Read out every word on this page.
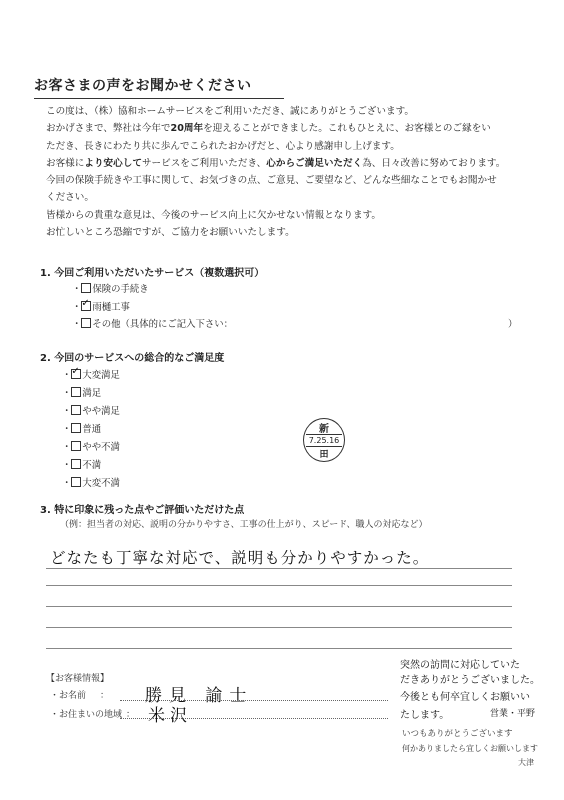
お客さまの声をお聞かせください

この度は、（株）協和ホームサービスをご利用いただき、誠にありがとうございます。

おかげさまで、弊社は今年で20周年を迎えることができました。これもひとえに、お客様とのご縁をい

ただき、長きにわたり共に歩んでこられたおかげだと、心より感謝申し上げます。

お客様により安心してサービスをご利用いただき、心からご満足いただく為、日々改善に努めております。

今回の保険手続きや工事に関して、お気づきの点、ご意見、ご要望など、どんな些細なことでもお聞かせ

ください。

皆様からの貴重な意見は、今後のサービス向上に欠かせない情報となります。

お忙しいところ恐縮ですが、ご協力をお願いいたします。

1. 今回ご利用いただいたサービス（複数選択可）
・ 保険の手続き
・ ✓ 雨樋工事
・ その他（具体的にご記入下さい：	）
2. 今回のサービスへの総合的なご満足度
・ ✓ 大変満足
・ 満足
・ やや満足
・ 普通
・ やや不満
・ 不満
・ 大変不満
新
7.25.16
田
3. 特に印象に残った点やご評価いただけた点
（例：担当者の対応、説明の分かりやすさ、工事の仕上がり、スピード、職人の対応など）
どなたも丁寧な対応で、説明も分かりやすかった。
【お客様情報】
・お名前 ： 勝見 諭士
・お住まいの地域 ： 米沢
突然の訪問に対応していた
だきありがとうございました。
今後とも何卒宜しくお願いい
たします。	営業・平野
いつもありがとうございます
何かありましたら宜しくお願いします
大津
